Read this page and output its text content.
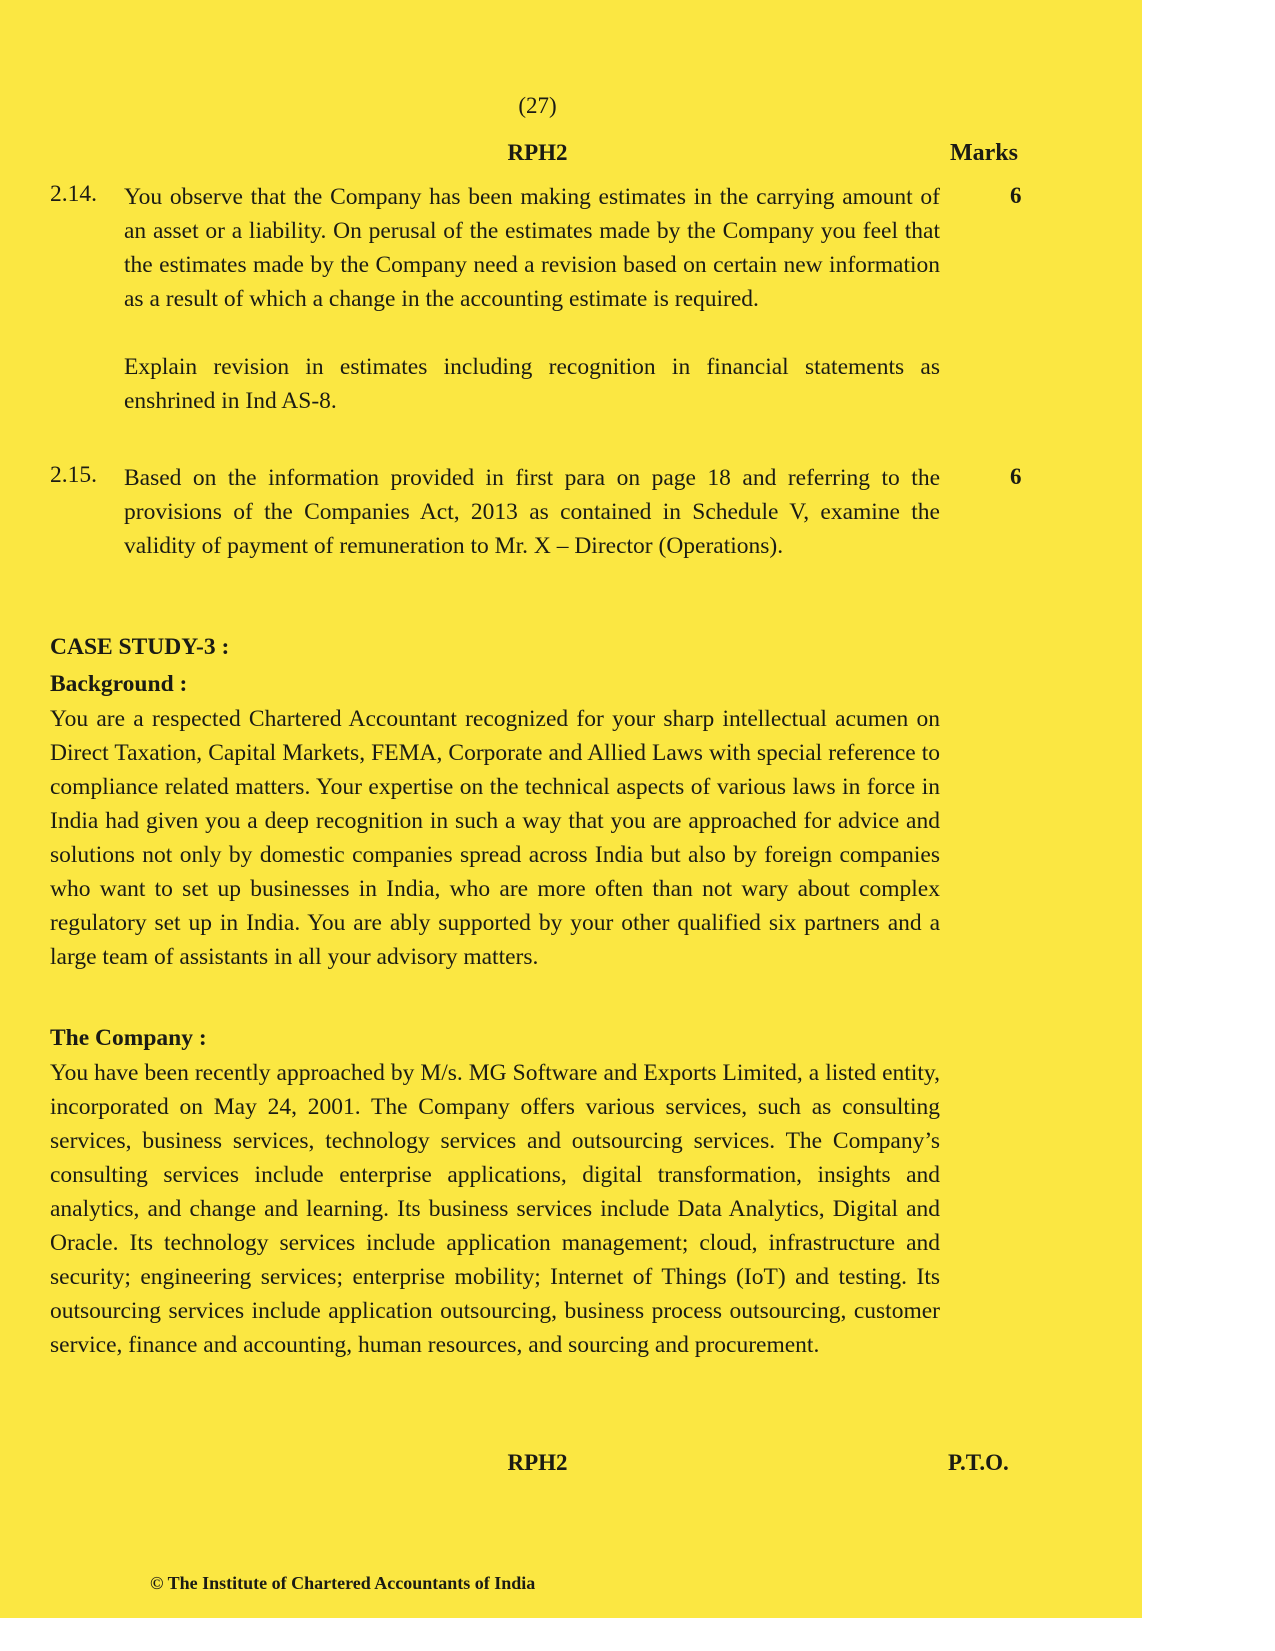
(27)
RPH2	Marks
2.14.	6
You observe that the Company has been making estimates in the carrying amount of an asset or a liability. On perusal of the estimates made by the Company you feel that the estimates made by the Company need a revision based on certain new information as a result of which a change in the accounting estimate is required.
Explain revision in estimates including recognition in financial statements as enshrined in Ind AS-8.
2.15.	6
Based on the information provided in first para on page 18 and referring to the provisions of the Companies Act, 2013 as contained in Schedule V, examine the validity of payment of remuneration to Mr. X – Director (Operations).
CASE STUDY-3 :
Background :
You are a respected Chartered Accountant recognized for your sharp intellectual acumen on Direct Taxation, Capital Markets, FEMA, Corporate and Allied Laws with special reference to compliance related matters. Your expertise on the technical aspects of various laws in force in India had given you a deep recognition in such a way that you are approached for advice and solutions not only by domestic companies spread across India but also by foreign companies who want to set up businesses in India, who are more often than not wary about complex regulatory set up in India. You are ably supported by your other qualified six partners and a large team of assistants in all your advisory matters.
The Company :
You have been recently approached by M/s. MG Software and Exports Limited, a listed entity, incorporated on May 24, 2001. The Company offers various services, such as consulting services, business services, technology services and outsourcing services. The Company’s consulting services include enterprise applications, digital transformation, insights and analytics, and change and learning. Its business services include Data Analytics, Digital and Oracle. Its technology services include application management; cloud, infrastructure and security; engineering services; enterprise mobility; Internet of Things (IoT) and testing. Its outsourcing services include application outsourcing, business process outsourcing, customer service, finance and accounting, human resources, and sourcing and procurement.
RPH2	P.T.O.
© The Institute of Chartered Accountants of India
